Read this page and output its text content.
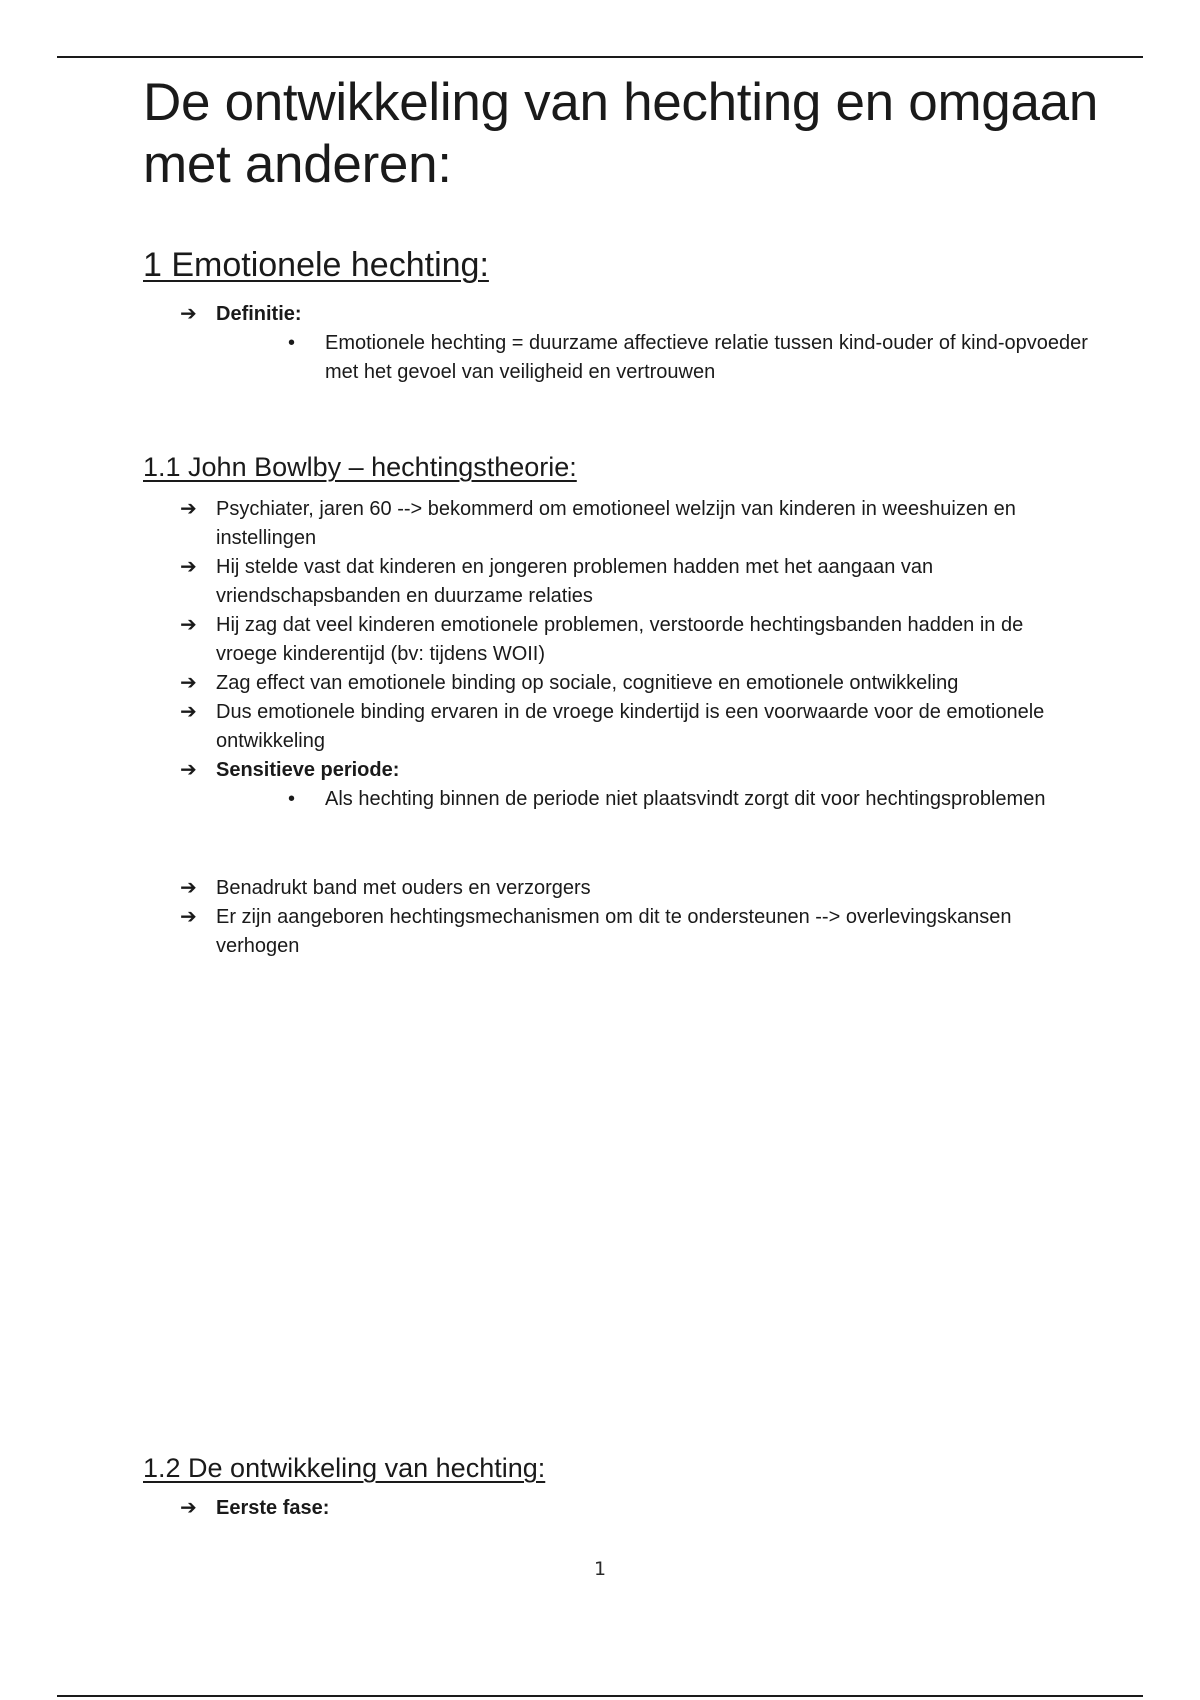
De ontwikkeling van hechting en omgaan met anderen:
1 Emotionele hechting:
➔ Definitie:
• Emotionele hechting = duurzame affectieve relatie tussen kind-ouder of kind-opvoeder met het gevoel van veiligheid en vertrouwen
1.1 John Bowlby – hechtingstheorie:
➔ Psychiater, jaren 60 --> bekommerd om emotioneel welzijn van kinderen in weeshuizen en instellingen
➔ Hij stelde vast dat kinderen en jongeren problemen hadden met het aangaan van vriendschapsbanden en duurzame relaties
➔ Hij zag dat veel kinderen emotionele problemen, verstoorde hechtingsbanden hadden in de vroege kinderentijd (bv: tijdens WOII)
➔ Zag effect van emotionele binding op sociale, cognitieve en emotionele ontwikkeling
➔ Dus emotionele binding ervaren in de vroege kindertijd is een voorwaarde voor de emotionele ontwikkeling
➔ Sensitieve periode:
• Als hechting binnen de periode niet plaatsvindt zorgt dit voor hechtingsproblemen
➔ Benadrukt band met ouders en verzorgers
➔ Er zijn aangeboren hechtingsmechanismen om dit te ondersteunen --> overlevingskansen verhogen
1.2 De ontwikkeling van hechting:
➔ Eerste fase:
1
